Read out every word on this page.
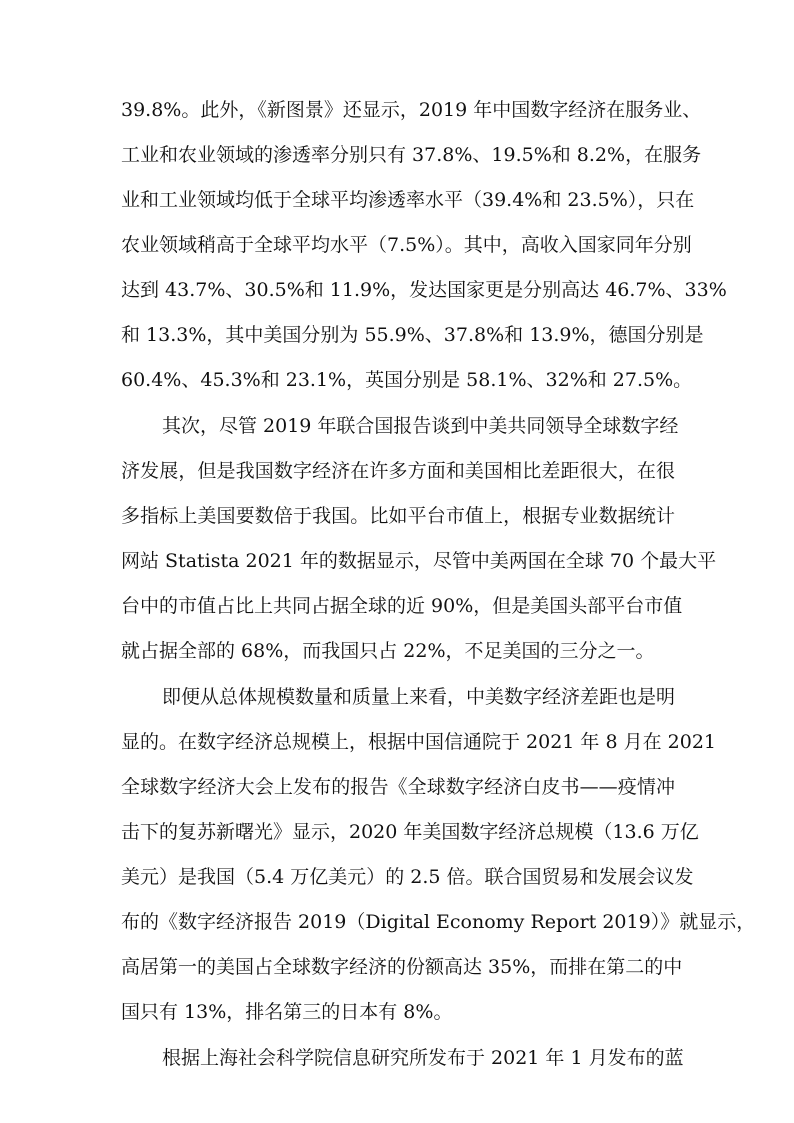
39.8%。此外，《新图景》还显示，2019 年中国数字经济在服务业、
工业和农业领域的渗透率分别只有 37.8%、19.5%和 8.2%，在服务
业和工业领域均低于全球平均渗透率水平（39.4%和 23.5%），只在
农业领域稍高于全球平均水平（7.5%）。其中，高收入国家同年分别
达到 43.7%、30.5%和 11.9%，发达国家更是分别高达 46.7%、33%
和 13.3%，其中美国分别为 55.9%、37.8%和 13.9%，德国分别是
60.4%、45.3%和 23.1%，英国分别是 58.1%、32%和 27.5%。
其次，尽管 2019 年联合国报告谈到中美共同领导全球数字经
济发展，但是我国数字经济在许多方面和美国相比差距很大，在很
多指标上美国要数倍于我国。比如平台市值上，根据专业数据统计
网站 Statista 2021 年的数据显示，尽管中美两国在全球 70 个最大平
台中的市值占比上共同占据全球的近 90%，但是美国头部平台市值
就占据全部的 68%，而我国只占 22%，不足美国的三分之一。
即便从总体规模数量和质量上来看，中美数字经济差距也是明
显的。在数字经济总规模上，根据中国信通院于 2021 年 8 月在 2021
全球数字经济大会上发布的报告《全球数字经济白皮书——疫情冲
击下的复苏新曙光》显示，2020 年美国数字经济总规模（13.6 万亿
美元）是我国（5.4 万亿美元）的 2.5 倍。联合国贸易和发展会议发
布的《数字经济报告 2019（Digital Economy Report 2019）》就显示，
高居第一的美国占全球数字经济的份额高达 35%，而排在第二的中
国只有 13%，排名第三的日本有 8%。
根据上海社会科学院信息研究所发布于 2021 年 1 月发布的蓝
